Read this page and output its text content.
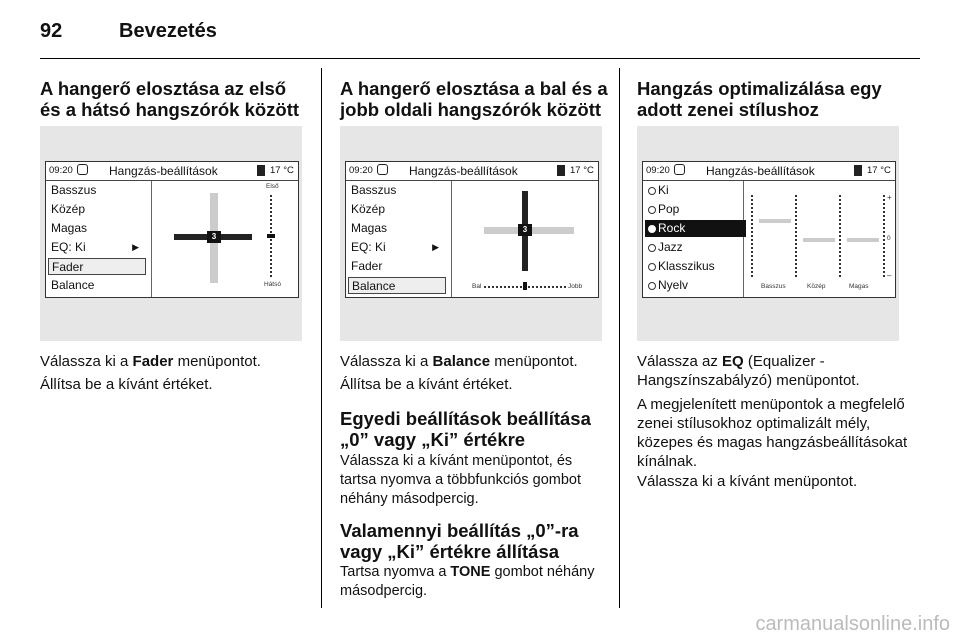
92	Bevezetés
A hangerő elosztása az első és a hátsó hangszórók között
09:20	Hangzás-beállítások	17 °C
Basszus
Közép
Magas
EQ: Ki	▶
Fader
Balance
3
Első
Hátsó
Válassza ki a Fader menüpontot.
Állítsa be a kívánt értéket.
A hangerő elosztása a bal és a jobb oldali hangszórók között
09:20	Hangzás-beállítások	17 °C
Basszus
Közép
Magas
EQ: Ki	▶
Fader
Balance
3
Bal	Jobb
Válassza ki a Balance menüpontot.
Állítsa be a kívánt értéket.
Egyedi beállítások beállítása „0” vagy „Ki” értékre
Válassza ki a kívánt menüpontot, és tartsa nyomva a többfunkciós gombot néhány másodpercig.
Valamennyi beállítás „0”-ra vagy „Ki” értékre állítása
Tartsa nyomva a TONE gombot néhány másodpercig.
Hangzás optimalizálása egy adott zenei stílushoz
09:20	Hangzás-beállítások	17 °C
Ki
Pop
Rock
Jazz
Klasszikus
Nyelv
+
0
–
Basszus	Közép	Magas
Válassza az EQ (Equalizer - Hangszínszabályzó) menüpontot.
A megjelenített menüpontok a megfelelő zenei stílusokhoz optimalizált mély, közepes és magas hangzásbeállításokat kínálnak.
Válassza ki a kívánt menüpontot.
carmanualsonline.info
